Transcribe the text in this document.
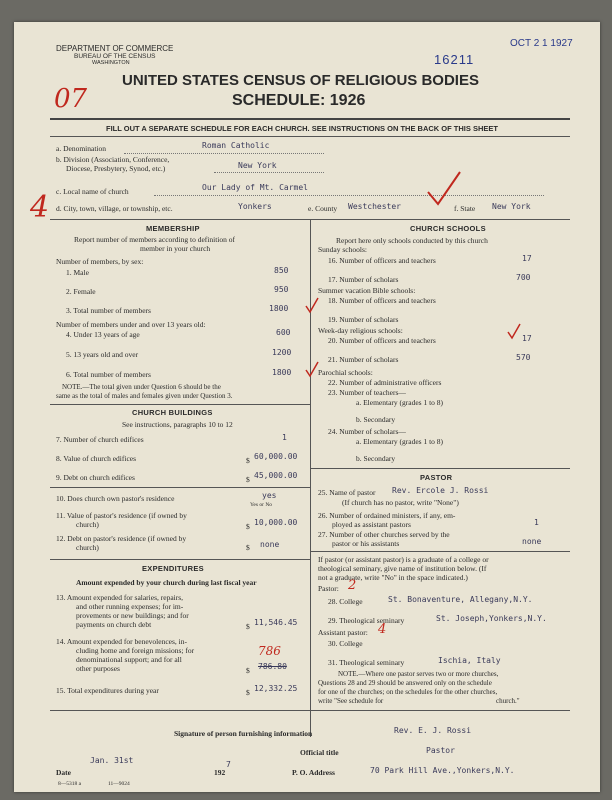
DEPARTMENT OF COMMERCE
BUREAU OF THE CENSUS
WASHINGTON	16211
OCT 2 1 1927
UNITED STATES CENSUS OF RELIGIOUS BODIES
SCHEDULE: 1926
07
FILL OUT A SEPARATE SCHEDULE FOR EACH CHURCH. SEE INSTRUCTIONS ON THE BACK OF THIS SHEET
a. Denomination	Roman Catholic
b. Division (Association, Conference,
Diocese, Presbytery, Synod, etc.)	New York
c. Local name of church	Our Lady of Mt. Carmel
d. City, town, village, or township, etc.	Yonkers	e. County Westchester	f. State New York
4
MEMBERSHIP
Report number of members according to definition of
member in your church
Number of members, by sex:
1. Male	850
2. Female	950
3. Total number of members	1800
Number of members under and over 13 years old:
4. Under 13 years of age	600
5. 13 years old and over	1200
6. Total number of members	1800
NOTE.—The total given under Question 6 should be the
same as the total of males and females given under Question 3.
CHURCH BUILDINGS
See instructions, paragraphs 10 to 12
7. Number of church edifices	1
8. Value of church edifices	$ 60,000.00
9. Debt on church edifices	$ 45,000.00
10. Does church own pastor's residence	yes
Yes or No
11. Value of pastor's residence (if owned by
church)	$ 10,000.00
12. Debt on pastor's residence (if owned by
church)	$ none
EXPENDITURES
Amount expended by your church during last fiscal year
13. Amount expended for salaries, repairs,
and other running expenses; for im-
provements or new buildings; and for
payments on church debt	$ 11,546.45
14. Amount expended for benevolences, in-
cluding home and foreign missions; for
denominational support; and for all
other purposes	$ 786.80
786
15. Total expenditures during year	$ 12,332.25
CHURCH SCHOOLS
Report here only schools conducted by this church
Sunday schools:
16. Number of officers and teachers	17
17. Number of scholars	700
Summer vacation Bible schools:
18. Number of officers and teachers
19. Number of scholars
Week-day religious schools:
20. Number of officers and teachers	17
21. Number of scholars	570
Parochial schools:
22. Number of administrative officers
23. Number of teachers—
a. Elementary (grades 1 to 8)
b. Secondary
24. Number of scholars—
a. Elementary (grades 1 to 8)
b. Secondary
PASTOR
25. Name of pastor Rev. Ercole J. Rossi
(If church has no pastor, write "None")
26. Number of ordained ministers, if any, em-
ployed as assistant pastors	1
27. Number of other churches served by the
pastor or his assistants	none
If pastor (or assistant pastor) is a graduate of a college or
theological seminary, give name of institution below. (If
not a graduate, write "No" in the space indicated.)
Pastor: 2
28. College	St. Bonaventure, Allegany,N.Y.
29. Theological seminary	St. Joseph,Yonkers,N.Y.
Assistant pastor: 4
30. College
31. Theological seminary	Ischia, Italy
NOTE.—Where one pastor serves two or more churches,
Questions 28 and 29 should be answered only on the schedule
for one of the churches; on the schedules for the other churches,
write "See schedule for	church."
Signature of person furnishing information	Rev. E. J. Rossi
Official title	Pastor
Date
Jan. 31st
192
7
P. O. Address	70 Park Hill Ave.,Yonkers,N.Y.
8—5318 a	11—9024
